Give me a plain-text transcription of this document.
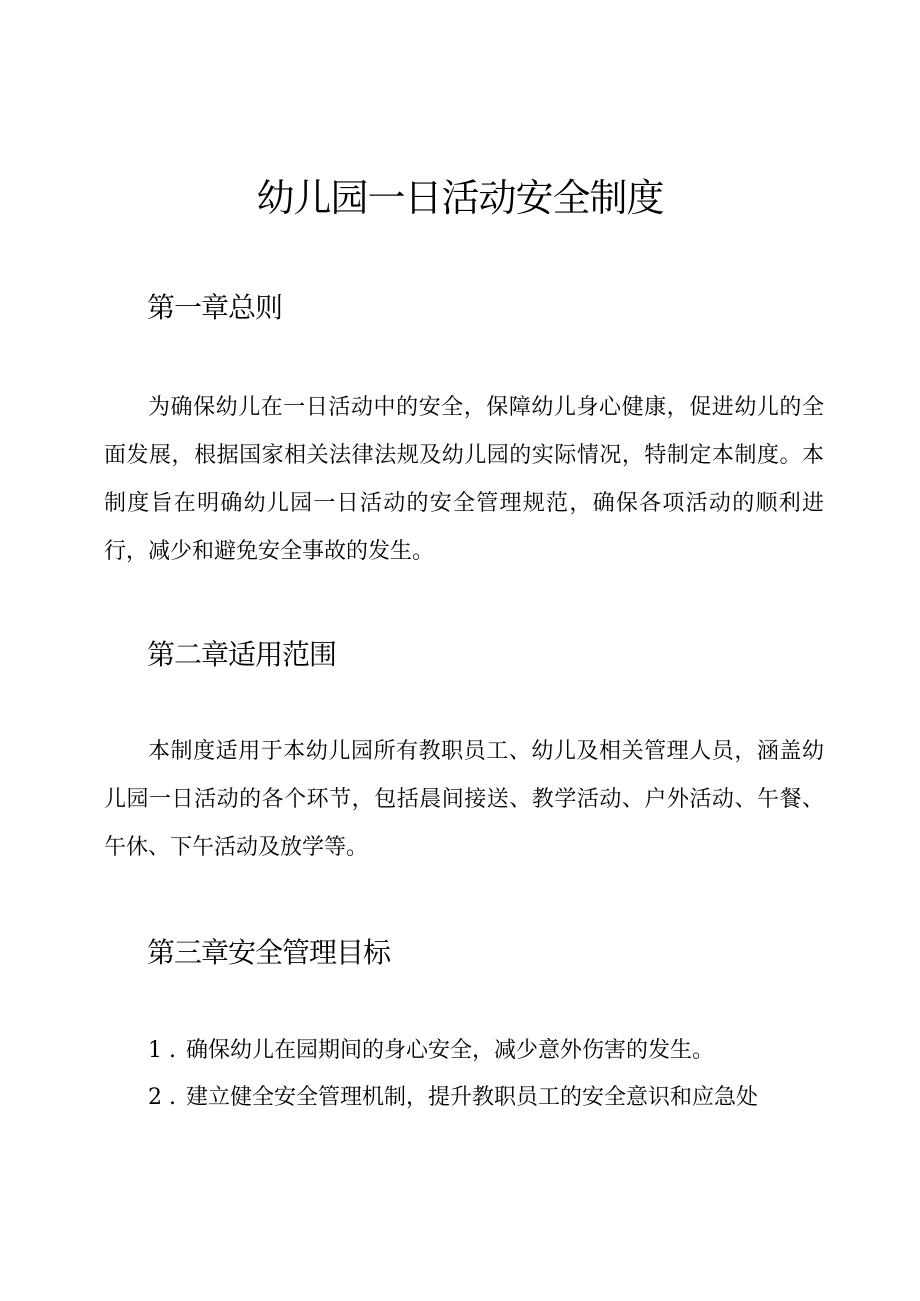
幼儿园一日活动安全制度
第一章总则

为确保幼儿在一日活动中的安全，保障幼儿身心健康，促进幼儿的全面发展，根据国家相关法律法规及幼儿园的实际情况，特制定本制度。本制度旨在明确幼儿园一日活动的安全管理规范，确保各项活动的顺利进行，减少和避免安全事故的发生。

第二章适用范围

本制度适用于本幼儿园所有教职员工、幼儿及相关管理人员，涵盖幼儿园一日活动的各个环节，包括晨间接送、教学活动、户外活动、午餐、午休、下午活动及放学等。

第三章安全管理目标

1 . 确保幼儿在园期间的身心安全，减少意外伤害的发生。

2 . 建立健全安全管理机制，提升教职员工的安全意识和应急处
